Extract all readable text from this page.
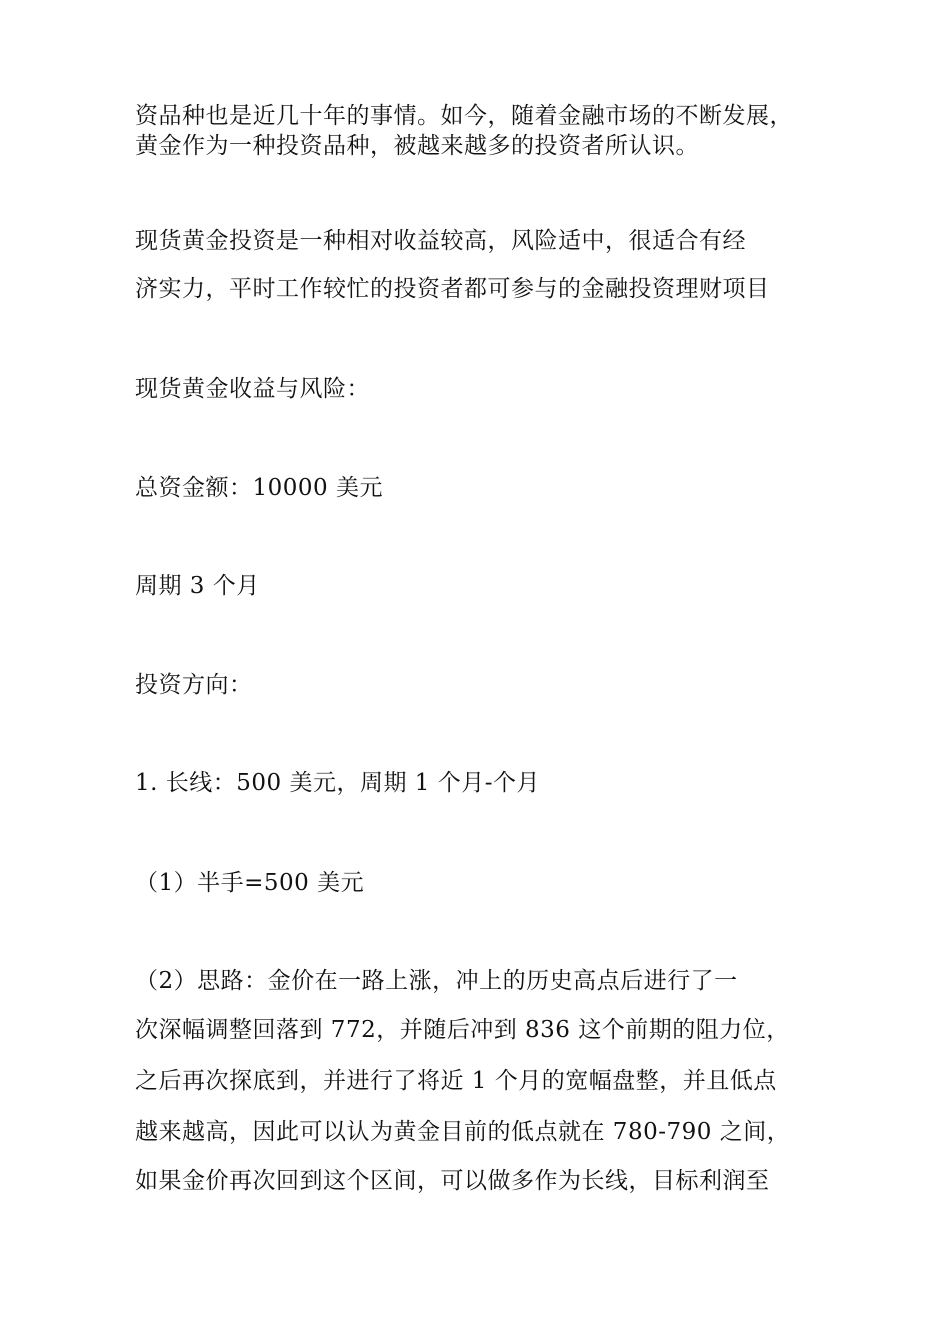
资品种也是近几十年的事情。如今，随着金融市场的不断发展，
黄金作为一种投资品种，被越来越多的投资者所认识。
现货黄金投资是一种相对收益较高，风险适中，很适合有经
济实力，平时工作较忙的投资者都可参与的金融投资理财项目
现货黄金收益与风险：
总资金额：10000 美元
周期 3 个月
投资方向：
1. 长线：500 美元，周期 1 个月-个月
（1）半手=500 美元
（2）思路：金价在一路上涨，冲上的历史高点后进行了一
次深幅调整回落到 772，并随后冲到 836 这个前期的阻力位，
之后再次探底到，并进行了将近 1 个月的宽幅盘整，并且低点
越来越高，因此可以认为黄金目前的低点就在 780-790 之间，
如果金价再次回到这个区间，可以做多作为长线，目标利润至
